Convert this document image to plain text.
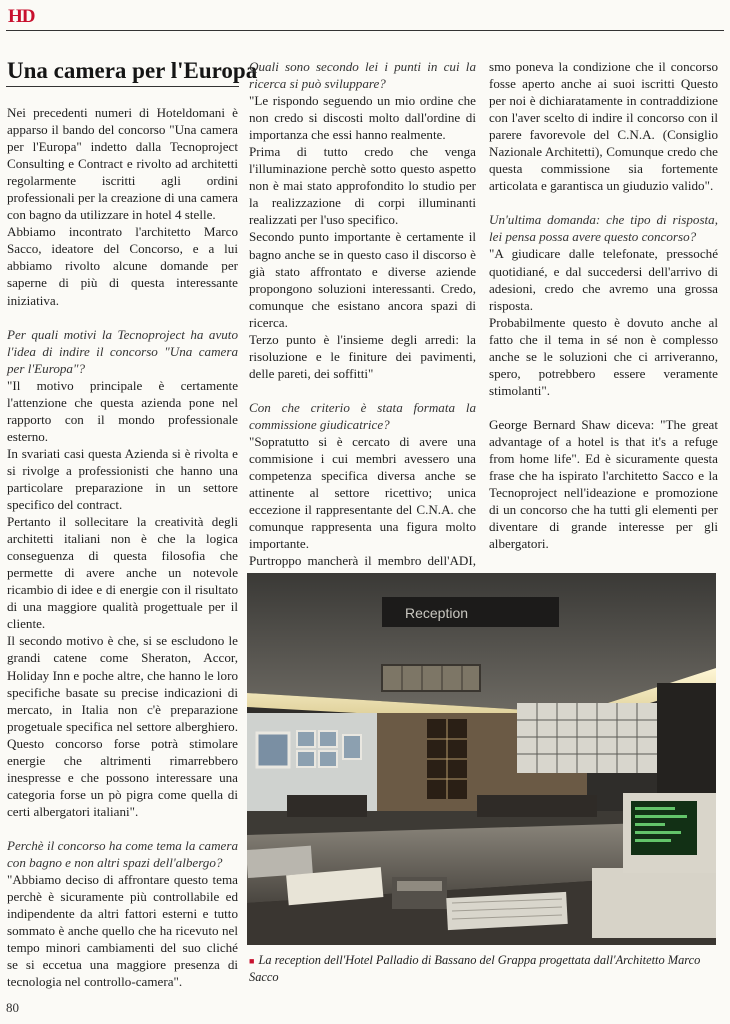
HD
Una camera per l'Europa

Nei precedenti numeri di Hoteldomani è apparso il bando del concorso "Una camera per l'Europa" indetto dalla Tecnoproject Consulting e Contract e rivolto ad architetti regolarmente iscritti agli ordini professionali per la creazione di una camera con bagno da utilizzare in hotel 4 stelle.

Abbiamo incontrato l'architetto Marco Sacco, ideatore del Concorso, e a lui abbiamo rivolto alcune domande per saperne di più di questa interessante iniziativa.

Per quali motivi la Tecnoproject ha avuto l'idea di indire il concorso "Una camera per l'Europa"?

"Il motivo principale è certamente l'attenzione che questa azienda pone nel rapporto con il mondo professionale esterno.

In svariati casi questa Azienda si è rivolta e si rivolge a professionisti che hanno una particolare preparazione in un settore specifico del contract.

Pertanto il sollecitare la creatività degli architetti italiani non è che la logica conseguenza di questa filosofia che permette di avere anche un notevole ricambio di idee e di energie con il risultato di una maggiore qualità progettuale per il cliente.

Il secondo motivo è che, si se escludono le grandi catene come Sheraton, Accor, Holiday Inn e poche altre, che hanno le loro specifiche basate su precise indicazioni di mercato, in Italia non c'è preparazione progetuale specifica nel settore alberghiero. Questo concorso forse potrà stimolare energie che altrimenti rimarrebbero inespresse e che possono interessare una categoria forse un pò pigra come quella di certi albergatori italiani".

Perchè il concorso ha come tema la camera con bagno e non altri spazi dell'albergo?

"Abbiamo deciso di affrontare questo tema perchè è sicuramente più controllabile ed indipendente da altri fattori esterni e tutto sommato è anche quello che ha ricevuto nel tempo minori cambiamenti del suo cliché se si eccetua una maggiore presenza di tecnologia nel controllo-camera".

Quali sono secondo lei i punti in cui la ricerca si può sviluppare?

"Le rispondo seguendo un mio ordine che non credo si discosti molto dall'ordine di importanza che essi hanno realmente.

Prima di tutto credo che venga l'illuminazione perchè sotto questo aspetto non è mai stato approfondito lo studio per la realizzazione di corpi illuminanti realizzati per l'uso specifico.

Secondo punto importante è certamente il bagno anche se in questo caso il discorso è già stato affrontato e diverse aziende propongono soluzioni interessanti. Credo, comunque che esistano ancora spazi di ricerca.

Terzo punto è l'insieme degli arredi: la risoluzione e le finiture dei pavimenti, delle pareti, dei soffitti"

Con che criterio è stata formata la commissione giudicatrice?

"Sopratutto si è cercato di avere una commisione i cui membri avessero una competenza specifica diversa anche se attinente al settore ricettivo; unica eccezione il rappresentante del C.N.A. che comunque rappresenta una figura molto importante.

Purtroppo mancherà il membro dell'ADI,

smo poneva la condizione che il concorso fosse aperto anche ai suoi iscritti Questo per noi è dichiaratamente in contraddizione con l'aver scelto di indire il concorso con il parere favorevole del C.N.A. (Consiglio Nazionale Architetti), Comunque credo che questa commissione sia fortemente articolata e garantisca un giuduzio valido".

Un'ultima domanda: che tipo di risposta, lei pensa possa avere questo concorso?

"A giudicare dalle telefonate, pressoché quotidiané, e dal succedersi dell'arrivo di adesioni, credo che avremo una grossa risposta.

Probabilmente questo è dovuto anche al fatto che il tema in sé non è complesso anche se le soluzioni che ci arriveranno, spero, potrebbero essere veramente stimolanti".

George Bernard Shaw diceva: "The great advantage of a hotel is that it's a refuge from home life". Ed è sicuramente questa frase che ha ispirato l'architetto Sacco e la Tecnoproject nell'ideazione e promozione di un concorso che ha tutti gli elementi per diventare di grande interesse per gli albergatori.

Reception
■ La reception dell'Hotel Palladio di Bassano del Grappa progettata dall'Architetto Marco Sacco
80
